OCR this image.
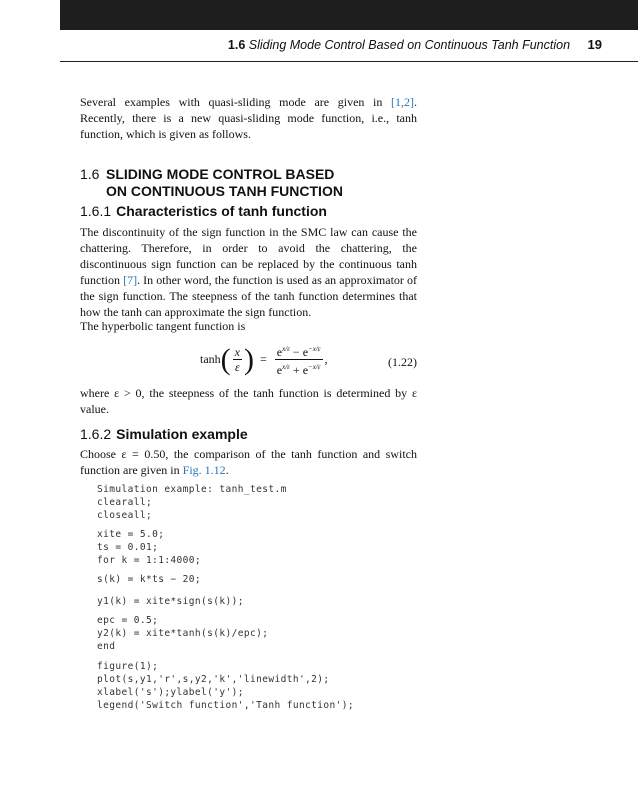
1.6 Sliding Mode Control Based on Continuous Tanh Function 19
Several examples with quasi-sliding mode are given in [1,2]. Recently, there is a new quasi-sliding mode function, i.e., tanh function, which is given as follows.
1.6 SLIDING MODE CONTROL BASED
ON CONTINUOUS TANH FUNCTION
1.6.1 Characteristics of tanh function
The discontinuity of the sign function in the SMC law can cause the chattering. Therefore, in order to avoid the chattering, the discontinuous sign function can be replaced by the continuous tanh function [7]. In other word, the function is used as an approximator of the sign function. The steepness of the tanh function determines that how the tanh can approximate the sign function.
The hyperbolic tangent function is
tanh ( $\frac{x}{\varepsilon}$ ) = $\frac{e^{x/\varepsilon} - e^{-x/\varepsilon}}{e^{x/\varepsilon} + e^{-x/\varepsilon}}$ ,	(1.22)
where ε > 0, the steepness of the tanh function is determined by ε value.
1.6.2 Simulation example
Choose ε = 0.50, the comparison of the tanh function and switch function are given in Fig. 1.12.
Simulation example: tanh_test.m
clearall;
closeall;
xite = 5.0;
ts = 0.01;
for k = 1:1:4000;
s(k) = k*ts − 20;
y1(k) = xite*sign(s(k));
epc = 0.5;
y2(k) = xite*tanh(s(k)/epc);
end
figure(1);
plot(s,y1,'r',s,y2,'k','linewidth',2);
xlabel('s');ylabel('y');
legend('Switch function','Tanh function');
